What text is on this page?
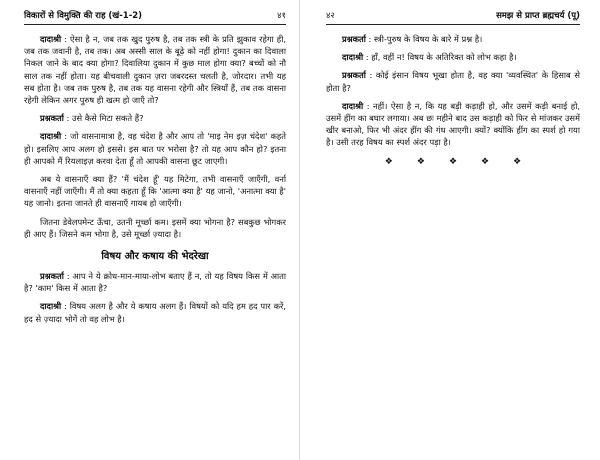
विकारों से विमुक्ति की राह (खं-1-2)	४१

दादाश्री : ऐसा है न, जब तक खुद पुरुष है, तब तक स्त्री के प्रति झुकाव रहेगा ही, जब तक जवानी है, तब तक। अब अस्सी साल के बूढ़े को नहीं होगा! दुकान का दिवाला निकल जाने के बाद क्या होगा? दिवालिया दुकान में कुछ माल होगा क्या? बच्चों को नौ साल तक नहीं होता। यह बीचवाली दुकान ज़रा जबरदस्त चलती है, जोरदार। तभी यह सब होता है। जब तक पुरुष है, तब तक यह वासना रहेगी और स्त्रियाँ हैं, तब तक वासना रहेगी लेकिन अगर पुरुष ही खत्म हो जाएँ तो?

प्रश्नकर्ता : उसे कैसे मिटा सकते हैं?

दादाश्री : जो वासनामात्रा है, वह चंदेश है और आप तो 'माइ नेम इज़ चंदेश' कहते हो। इसलिए आप अलग हो इससे। इस बात पर भरोसा है? तो यह आप कौन हो? इतना ही आपको मैं रियलाइज़ करवा देता हूँ तो आपकी वासना छूट जाएगी।

अब ये वासनाएँ क्या हैं? 'मैं चंदेश हूँ' यह मिटेगा, तभी वासनाएँ जाएँगी, वर्ना वासनाएँ नहीं जाएँगी। मैं तो क्या कहता हूँ कि 'आत्मा क्या है' यह जानो, 'अनात्मा क्या है' यह जानो। इतना जानते ही वासनाएँ गायब हो जाएँगी।

जितना डेवेलपमेन्ट ऊँचा, उतनी मूर्च्छा कम। इसमें क्या भोगना है? सबकुछ भोगकर ही आए हैं। जिसने कम भोगा है, उसे मूर्च्छा ज़्यादा है।

विषय और कषाय की भेदरेखा

प्रश्नकर्ता : आप ने ये क्रोध-मान-माया-लोभ बताए हैं न, तो यह विषय किस में आता है? 'काम' किस में आता है?

दादाश्री : विषय अलग है और ये कषाय अलग हैं। विषयों को यदि हम हद पार करें, हद से ज़्यादा भोगें तो वह लोभ है।

४२	समझ से प्राप्त ब्रह्मचर्य (पू)

प्रश्नकर्ता : स्त्री-पुरुष के विषय के बारे में प्रश्न है।

दादाश्री : हाँ, वहीं न! विषय के अतिरिक्त को लोभ कहा है।

प्रश्नकर्ता : कोई इंसान विषय भूखा होता है, वह क्या 'व्यवस्थित' के हिसाब से होता है?

दादाश्री : नहीं। ऐसा है न, कि यह बड़ी कड़ाही हो, और उसमें कड़ी बनाई हो, उसमें हींग का बघार लगाया। अब छः महीने बाद उस कड़ाही को फिर से मांजकर उसमें खीर बनाओ, फिर भी अंदर हींग की गंध आएगी। क्यों? क्योंकि हींग का स्पर्श हो गया है। उसी तरह विषय का स्पर्श अंदर पड़ा है।

❖	❖	❖	❖	❖
